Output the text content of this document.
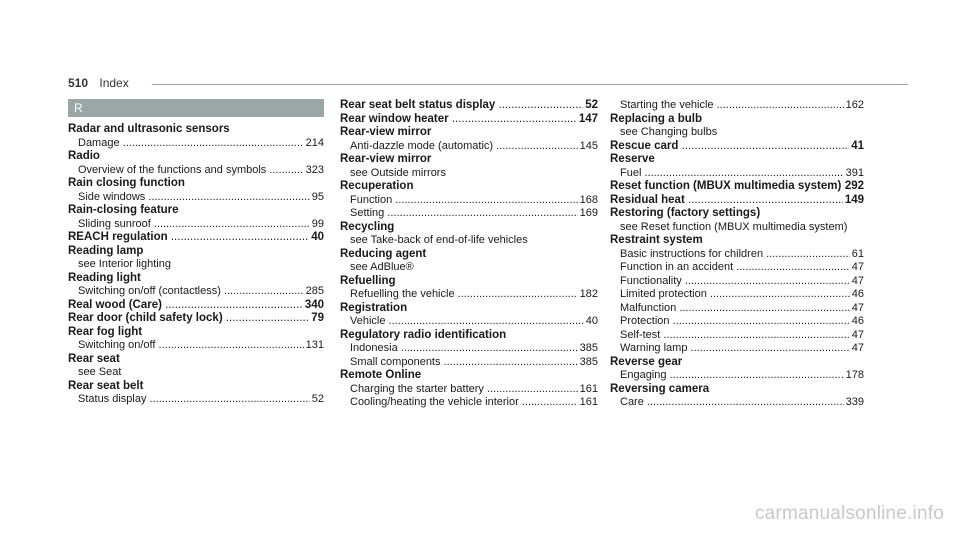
510 Index
R
Radar and ultrasonic sensors
Damage .....	214
Radio
Overview of the functions and symbols .....	323
Rain closing function
Side windows .....	95
Rain-closing feature
Sliding sunroof .....	99
REACH regulation .....	40
Reading lamp
see Interior lighting
Reading light
Switching on/off (contactless) .....	285
Real wood (Care) .....	340
Rear door (child safety lock) .....	79
Rear fog light
Switching on/off .....	131
Rear seat
see Seat
Rear seat belt
Status display .....	52
Rear seat belt status display .....	52
Rear window heater .....	147
Rear-view mirror
Anti-dazzle mode (automatic) .....	145
Rear-view mirror
see Outside mirrors
Recuperation
Function .....	168
Setting .....	169
Recycling
see Take-back of end-of-life vehicles
Reducing agent
see AdBlue®
Refuelling
Refuelling the vehicle .....	182
Registration
Vehicle .....	40
Regulatory radio identification
Indonesia .....	385
Small components .....	385
Remote Online
Charging the starter battery .....	161
Cooling/heating the vehicle interior .....	161
Starting the vehicle .....	162
Replacing a bulb
see Changing bulbs
Rescue card .....	41
Reserve
Fuel .....	391
Reset function (MBUX multimedia system) ..... 292
Residual heat .....	149
Restoring (factory settings)
see Reset function (MBUX multimedia system)
Restraint system
Basic instructions for children .....	61
Function in an accident .....	47
Functionality .....	47
Limited protection .....	46
Malfunction .....	47
Protection .....	46
Self-test .....	47
Warning lamp .....	47
Reverse gear
Engaging .....	178
Reversing camera
Care .....	339
carmanualsonline.info
